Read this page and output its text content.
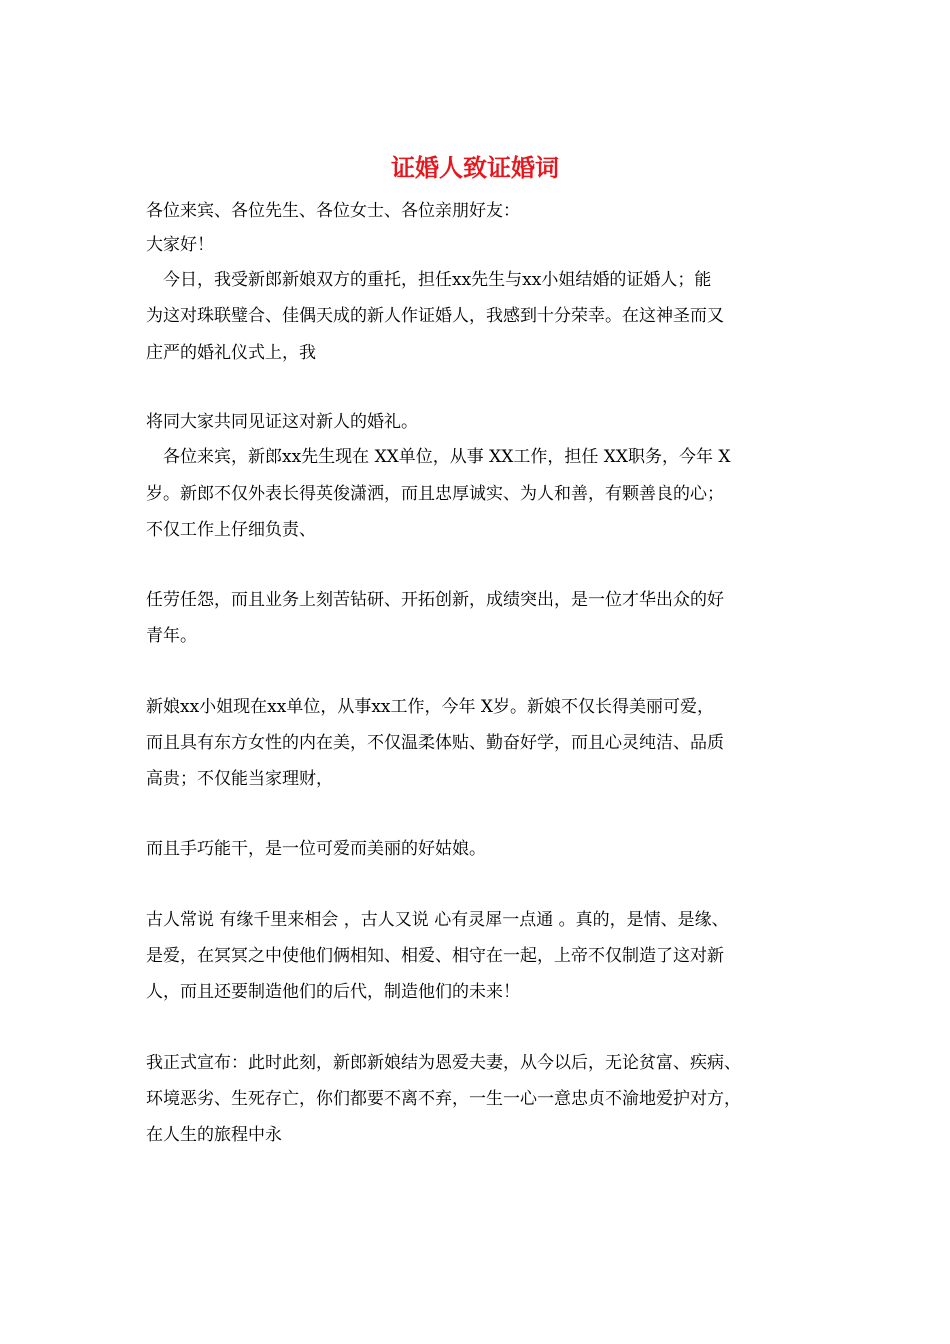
证婚人致证婚词
各位来宾、各位先生、各位女士、各位亲朋好友：
大家好！
　今日，我受新郎新娘双方的重托，担任xx先生与xx小姐结婚的证婚人；能
为这对珠联璧合、佳偶天成的新人作证婚人，我感到十分荣幸。在这神圣而又
庄严的婚礼仪式上，我
将同大家共同见证这对新人的婚礼。
　各位来宾，新郎xx先生现在 XX单位，从事 XX工作，担任 XX职务，今年 X
岁。新郎不仅外表长得英俊潇洒，而且忠厚诚实、为人和善，有颗善良的心；
不仅工作上仔细负责、
任劳任怨，而且业务上刻苦钻研、开拓创新，成绩突出，是一位才华出众的好
青年。
新娘xx小姐现在xx单位，从事xx工作，今年 X岁。新娘不仅长得美丽可爱，
而且具有东方女性的内在美，不仅温柔体贴、勤奋好学，而且心灵纯洁、品质
高贵；不仅能当家理财，
而且手巧能干，是一位可爱而美丽的好姑娘。
古人常说 有缘千里来相会 ，古人又说 心有灵犀一点通 。真的，是情、是缘、
是爱，在冥冥之中使他们俩相知、相爱、相守在一起，上帝不仅制造了这对新
人，而且还要制造他们的后代，制造他们的未来！
我正式宣布：此时此刻，新郎新娘结为恩爱夫妻，从今以后，无论贫富、疾病、
环境恶劣、生死存亡，你们都要不离不弃，一生一心一意忠贞不渝地爱护对方，
在人生的旅程中永
